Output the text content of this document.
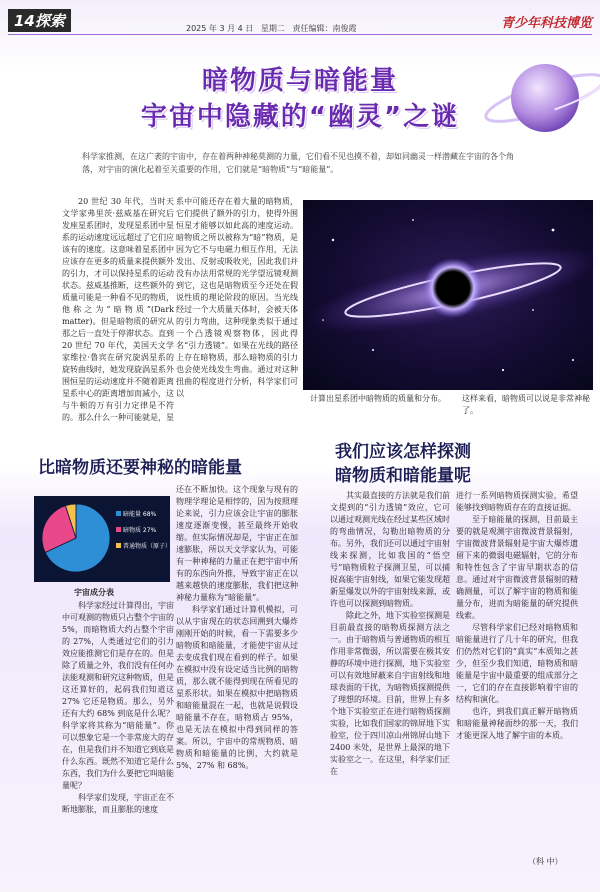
14探索	2025 年 3 月 4 日 星期二 责任编辑：南俊霞	青少年科技博览
暗物质与暗能量
宇宙中隐藏的“幽灵”之谜
科学家推测，在这广袤的宇宙中，存在着两种神秘莫测的力量，它们看不见也摸不着，却如同幽灵一样潜藏在宇宙的各个角落，对宇宙的演化起着至关重要的作用，它们就是“暗物质”与“暗能量”。

20 世纪 30 年代，当时天文学家弗里茨·兹威基在研究后发座星系团时，发现星系团中星系的运动速度远远超过了它们应该有的速度。这意味着星系团中应该存在更多的质量来提供额外的引力，才可以保持星系的运动状态。兹威基推断，这些额外的质量可能是一种看不见的物质，他称之为“暗物质”(Dark matter)。但是暗物质的研究从那之后一直处于停滞状态。直到 20 世纪 70 年代，美国天文学家维拉·鲁宾在研究旋涡星系的旋转曲线时，她发现旋涡星系外围恒星的运动速度并不随着距离星系中心的距离增加而减小，这与牛顿的万有引力定律是不符的。那么什么一种可能就是，星

系中可能还存在着大量的暗物质，它们提供了额外的引力，使得外围恒星才能够以如此高的速度运动。暗物质之所以被称为“暗”物质，是因为它不与电磁力相互作用，无法发出、反射或吸收光，因此我们并没有办法用常规的光学望远镜观测到它，这也是暗物质至今还处在假说性质的理论阶段的原因。当光线经过一个大质量天体时，会被天体的引力弯曲，这种现象类似于通过一个凸透镜观察物体，因此得名“引力透镜”。如果在光线的路径上存在暗物质，那么暗物质的引力也会使光线发生弯曲。通过对这种扭曲的程度进行分析，科学家们可以

计算出星系团中暗物质的质量和分布。 这样来看，暗物质可以说是非常神秘了。
比暗物质还要神秘的暗能量
暗能量 68%
暗物质 27%
普通物质（原子）5%
宇宙成分表

科学家经过计算得出，宇宙中可观测的物质只占整个宇宙的 5%，而暗物质大约占整个宇宙的 27%，人类通过它们的引力效应能推测它们是存在的。但是除了质量之外，我们没有任何办法能观测和研究这种物质，但是这还算好的，起码我们知道这 27% 它还是物质。那么，另外还有大约 68% 到底是什么呢？科学家将其称为“暗能量”。你可以想象它是一个非常庞大的存在，但是我们并不知道它到底是什么东西。既然不知道它是什么东西，我们为什么要把它叫暗能量呢？

科学家们发现，宇宙正在不断地膨胀，而且膨胀的速度

还在不断加快。这个现象与现有的物理学理论是相悖的，因为按照理论来说，引力应该会让宇宙的膨胀速度逐渐变慢，甚至最终开始收缩。但实际情况却是，宇宙正在加速膨胀，所以天文学家认为，可能有一种神秘的力量正在把宇宙中所有的东西向外推，导致宇宙正在以越来越快的速度膨胀，我们把这种神秘力量称为“暗能量”。

科学家们通过计算机模拟，可以从宇宙现在的状态回溯到大爆炸刚刚开始的时候，看一下需要多少暗物质和暗能量，才能使宇宙从过去变成我们现在看到的样子。如果在模拟中没有设定适当比例的暗物质，那么就不能得到现在所看见的星系形状。如果在模拟中把暗物质和暗能量混在一起，也就是说假设暗能量不存在，暗物质占 95%，也是无法在模拟中得到同样的答案。所以，宇宙中的常规物质、暗物质和暗能量的比例，大约就是 5%、27% 和 68%。

我们应该怎样探测
暗物质和暗能量呢

其实最直接的方法就是我们前文提到的“引力透镜”效应，它可以通过观测光线在经过某些区域时的弯曲情况，勾勒出暗物质的分布。另外，我们还可以通过宇宙射线来探测，比如我国的“悟空号”暗物质粒子探测卫星，可以捕捉高能宇宙射线，如果它能发现超新星爆发以外的宇宙射线来源，或许也可以探测到暗物质。

除此之外，地下实验室探测是目前最直接的暗物质探测方法之一。由于暗物质与普通物质的相互作用非常微弱，所以需要在极其安静的环境中进行探测，地下实验室可以有效地屏蔽来自宇宙射线和地球表面的干扰，为暗物质探测提供了理想的环境。目前，世界上有多个地下实验室正在进行暗物质探测实验，比如我们国家的锦屏地下实验室，位于四川凉山州锦屏山地下 2400 米处，是世界上最深的地下实验室之一。在这里，科学家们正在

进行一系列暗物质探测实验，希望能够找到暗物质存在的直接证据。

至于暗能量的探测，目前最主要的就是观测宇宙微波背景辐射，宇宙微波背景辐射是宇宙大爆炸遗留下来的微弱电磁辐射，它的分布和特性包含了宇宙早期状态的信息。通过对宇宙微波背景辐射的精确测量，可以了解宇宙的物质和能量分布，进而为暗能量的研究提供线索。

尽管科学家们已经对暗物质和暗能量进行了几十年的研究，但我们仍然对它们的“真实”本质知之甚少，但至少我们知道，暗物质和暗能量是宇宙中最重要的组成部分之一，它们的存在直接影响着宇宙的结构和演化。

也许，到我们真正解开暗物质和暗能量神秘面纱的那一天，我们才能更深入地了解宇宙的本质。

（科 中）
